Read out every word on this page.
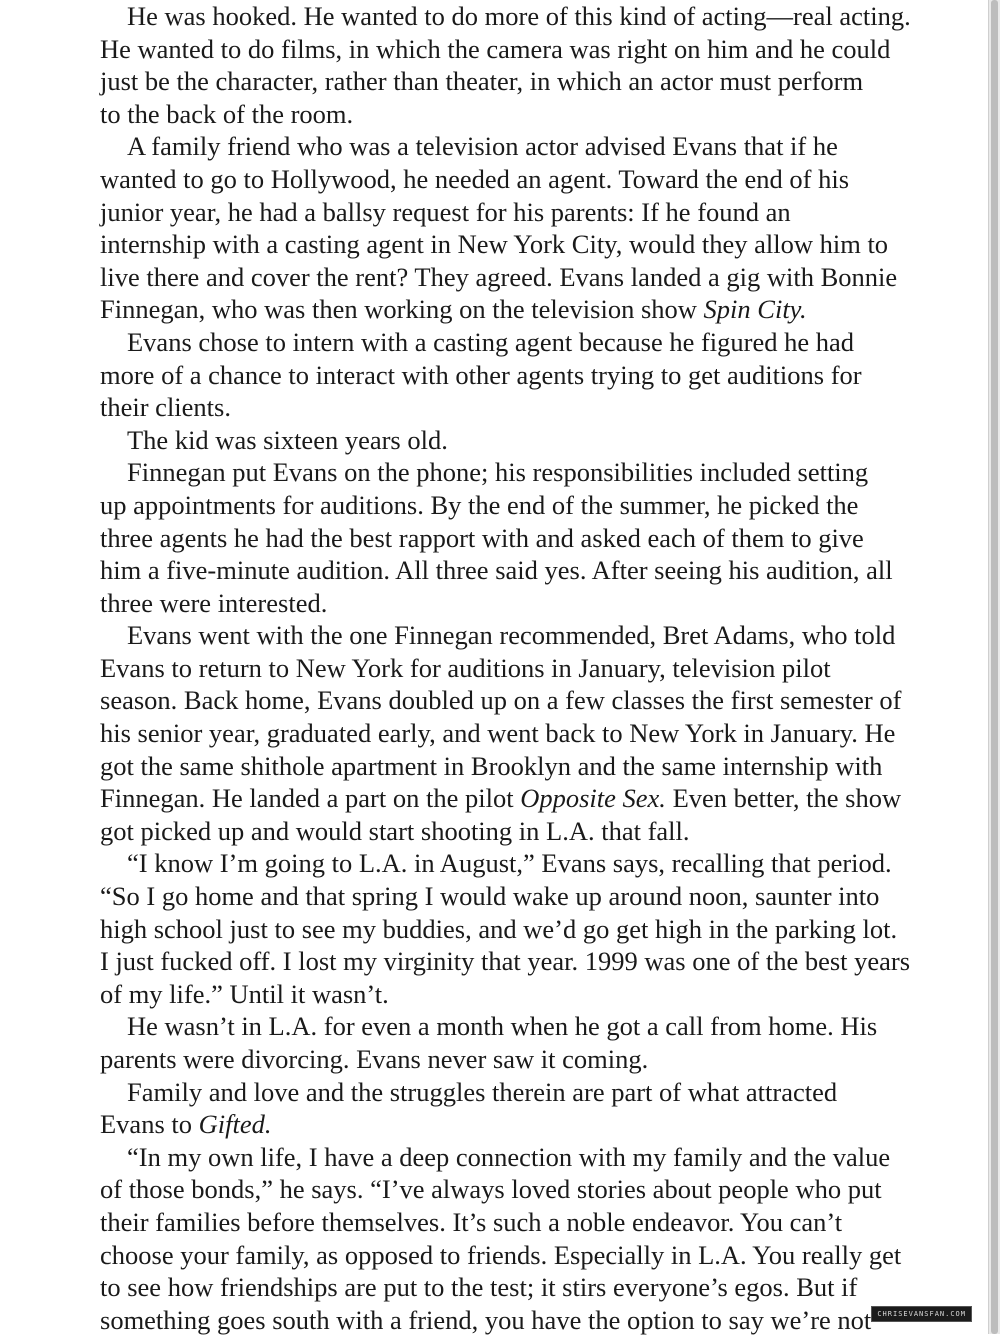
He was hooked. He wanted to do more of this kind of acting—real acting.
He wanted to do films, in which the camera was right on him and he could
just be the character, rather than theater, in which an actor must perform
to the back of the room.
A family friend who was a television actor advised Evans that if he
wanted to go to Hollywood, he needed an agent. Toward the end of his
junior year, he had a ballsy request for his parents: If he found an
internship with a casting agent in New York City, would they allow him to
live there and cover the rent? They agreed. Evans landed a gig with Bonnie
Finnegan, who was then working on the television show Spin City.
Evans chose to intern with a casting agent because he figured he had
more of a chance to interact with other agents trying to get auditions for
their clients.
The kid was sixteen years old.
Finnegan put Evans on the phone; his responsibilities included setting
up appointments for auditions. By the end of the summer, he picked the
three agents he had the best rapport with and asked each of them to give
him a five-minute audition. All three said yes. After seeing his audition, all
three were interested.
Evans went with the one Finnegan recommended, Bret Adams, who told
Evans to return to New York for auditions in January, television pilot
season. Back home, Evans doubled up on a few classes the first semester of
his senior year, graduated early, and went back to New York in January. He
got the same shithole apartment in Brooklyn and the same internship with
Finnegan. He landed a part on the pilot Opposite Sex. Even better, the show
got picked up and would start shooting in L.A. that fall.
“I know I’m going to L.A. in August,” Evans says, recalling that period.
“So I go home and that spring I would wake up around noon, saunter into
high school just to see my buddies, and we’d go get high in the parking lot.
I just fucked off. I lost my virginity that year. 1999 was one of the best years
of my life.” Until it wasn’t.
He wasn’t in L.A. for even a month when he got a call from home. His
parents were divorcing. Evans never saw it coming.
Family and love and the struggles therein are part of what attracted
Evans to Gifted.
“In my own life, I have a deep connection with my family and the value
of those bonds,” he says. “I’ve always loved stories about people who put
their families before themselves. It’s such a noble endeavor. You can’t
choose your family, as opposed to friends. Especially in L.A. You really get
to see how friendships are put to the test; it stirs everyone’s egos. But if
something goes south with a friend, you have the option to say we’re not CHRISEVANSFAN.COM
